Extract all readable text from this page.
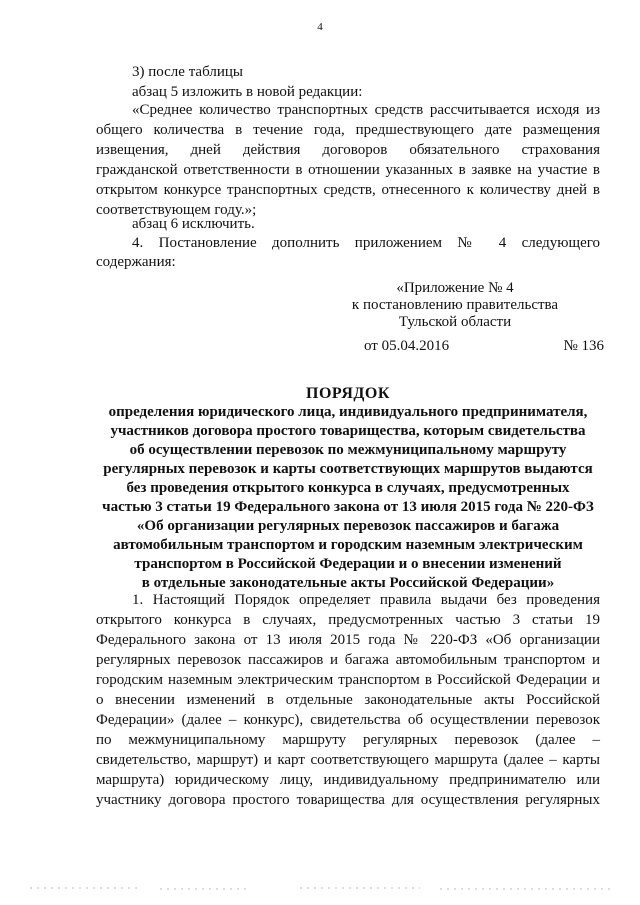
4
3) после таблицы
абзац 5 изложить в новой редакции:
«Среднее количество транспортных средств рассчитывается исходя из
общего количества в течение года, предшествующего дате размещения
извещения, дней действия договоров обязательного страхования
гражданской ответственности в отношении указанных в заявке на участие в
открытом конкурсе транспортных средств, отнесенного к количеству дней в
соответствующем году.»;
абзац 6 исключить.
4. Постановление дополнить приложением № 4 следующего
содержания:
«Приложение № 4
к постановлению правительства
Тульской области
от 05.04.2016	№ 136
ПОРЯДОК
определения юридического лица, индивидуального предпринимателя,
участников договора простого товарищества, которым свидетельства
об осуществлении перевозок по межмуниципальному маршруту
регулярных перевозок и карты соответствующих маршрутов выдаются
без проведения открытого конкурса в случаях, предусмотренных
частью 3 статьи 19 Федерального закона от 13 июля 2015 года № 220-ФЗ
«Об организации регулярных перевозок пассажиров и багажа
автомобильным транспортом и городским наземным электрическим
транспортом в Российской Федерации и о внесении изменений
в отдельные законодательные акты Российской Федерации»
1. Настоящий Порядок определяет правила выдачи без проведения
открытого конкурса в случаях, предусмотренных частью 3 статьи 19
Федерального закона от 13 июля 2015 года № 220-ФЗ «Об организации
регулярных перевозок пассажиров и багажа автомобильным транспортом и
городским наземным электрическим транспортом в Российской Федерации и
о внесении изменений в отдельные законодательные акты Российской
Федерации» (далее – конкурс), свидетельства об осуществлении перевозок
по межмуниципальному маршруту регулярных перевозок (далее –
свидетельство, маршрут) и карт соответствующего маршрута (далее – карты
маршрута) юридическому лицу, индивидуальному предпринимателю или
участнику договора простого товарищества для осуществления регулярных
